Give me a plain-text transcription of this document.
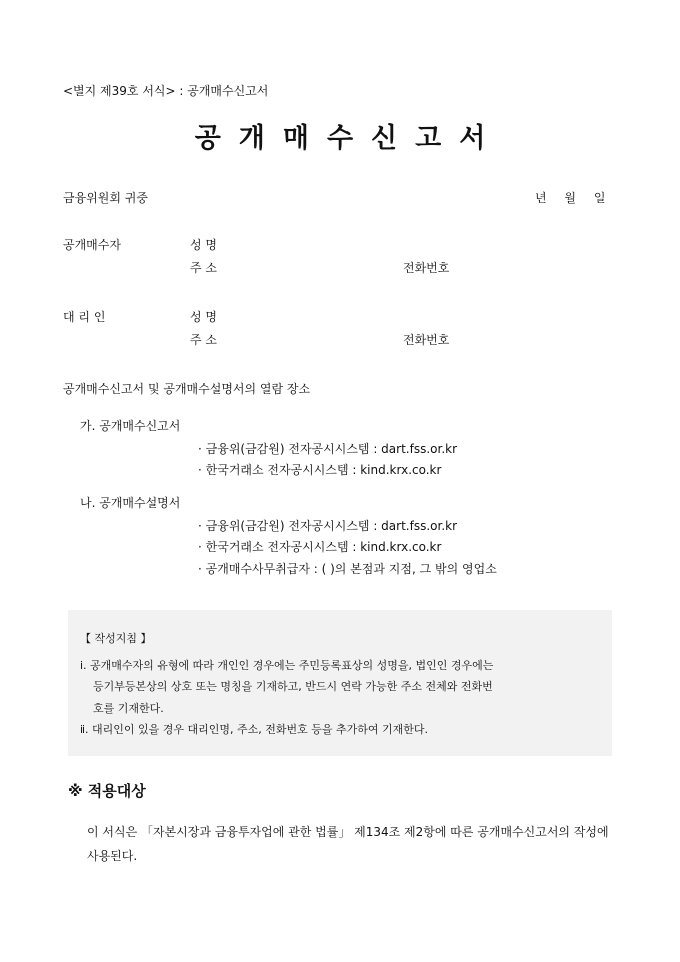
<별지 제39호 서식> : 공개매수신고서
공개매수신고서
금융위원회 귀중	년 월 일
공개매수자	성 명
주 소	전화번호
대 리 인	성 명
주 소	전화번호
공개매수신고서 및 공개매수설명서의 열람 장소
가. 공개매수신고서
· 금융위(금감원) 전자공시시스템 : dart.fss.or.kr
· 한국거래소 전자공시시스템 : kind.krx.co.kr
나. 공개매수설명서
· 금융위(금감원) 전자공시시스템 : dart.fss.or.kr
· 한국거래소 전자공시시스템 : kind.krx.co.kr
· 공개매수사무취급자 : ( )의 본점과 지점, 그 밖의 영업소
【 작성지침 】
ⅰ. 공개매수자의 유형에 따라 개인인 경우에는 주민등록표상의 성명을, 법인인 경우에는
등기부등본상의 상호 또는 명칭을 기재하고, 반드시 연락 가능한 주소 전체와 전화번
호를 기재한다.
ⅱ. 대리인이 있을 경우 대리인명, 주소, 전화번호 등을 추가하여 기재한다.
※ 적용대상
이 서식은 「자본시장과 금융투자업에 관한 법률」 제134조 제2항에 따른 공개매수신고서의 작성에 사용된다.
